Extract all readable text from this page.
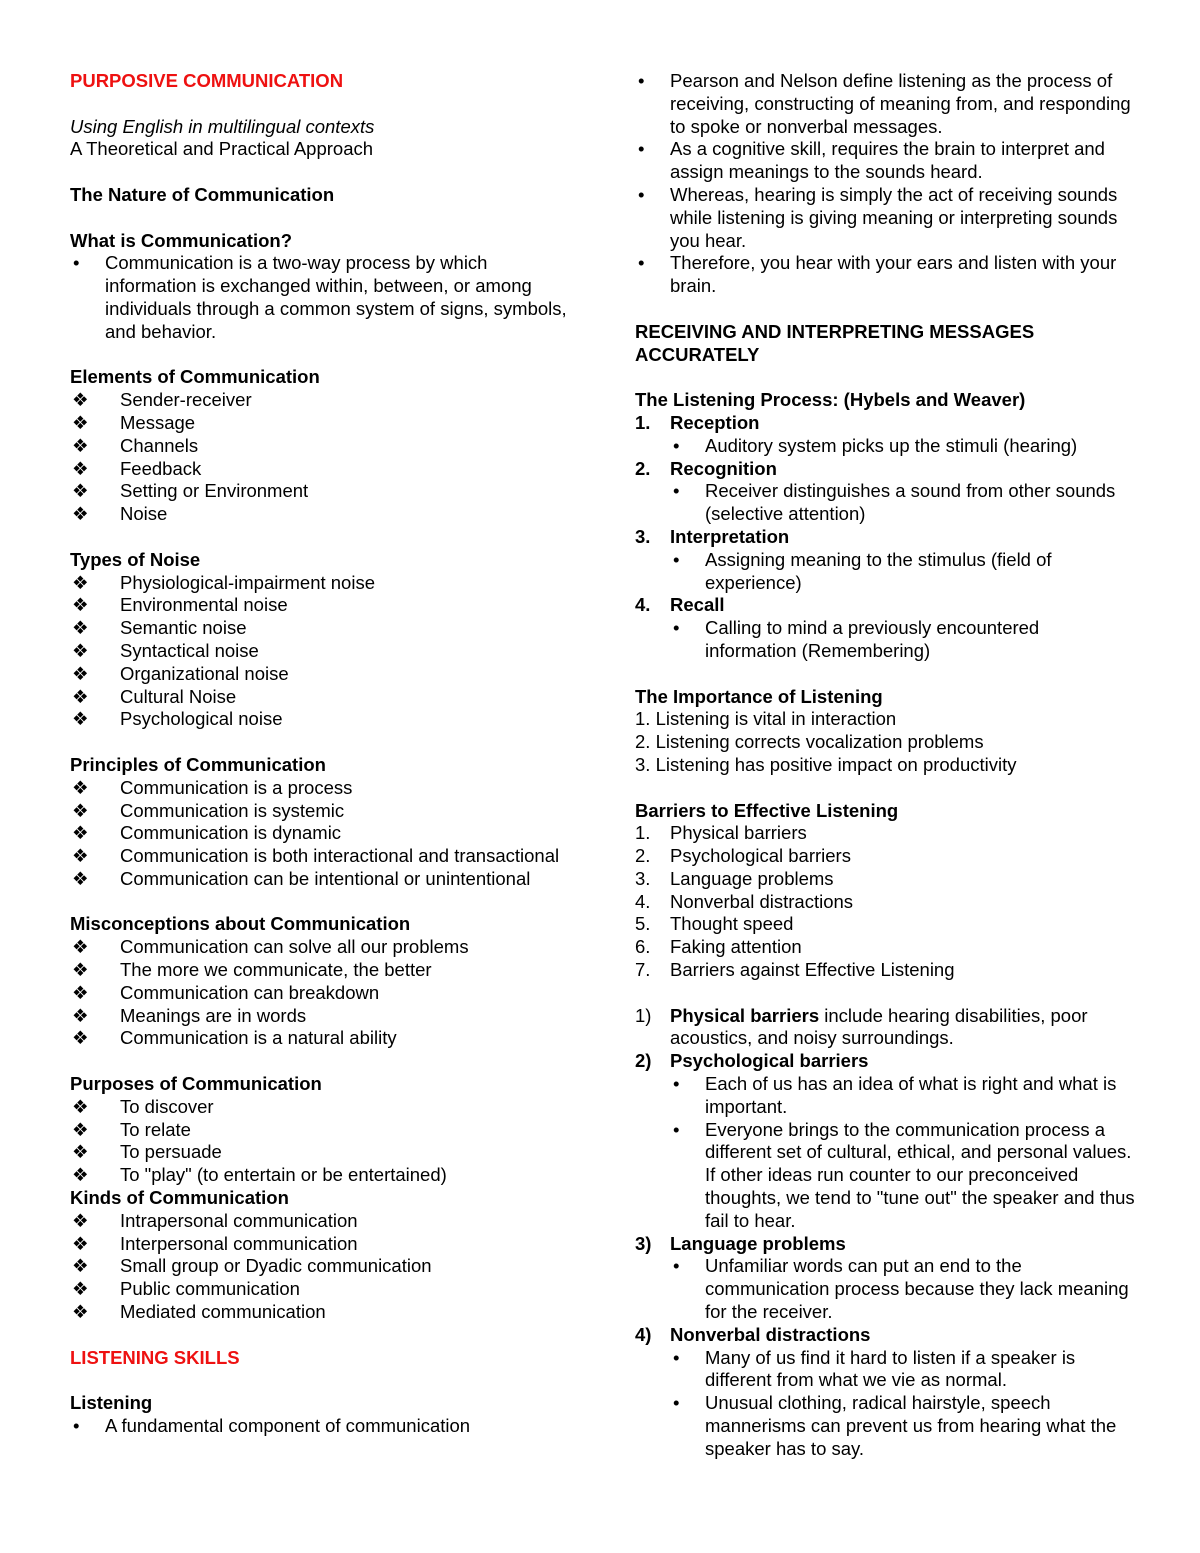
PURPOSIVE COMMUNICATION
Using English in multilingual contexts
A Theoretical and Practical Approach
The Nature of Communication
What is Communication?
•	Communication is a two-way process by which information is exchanged within, between, or among individuals through a common system of signs, symbols, and behavior.
Elements of Communication
❖	Sender-receiver
❖	Message
❖	Channels
❖	Feedback
❖	Setting or Environment
❖	Noise
Types of Noise
❖	Physiological-impairment noise
❖	Environmental noise
❖	Semantic noise
❖	Syntactical noise
❖	Organizational noise
❖	Cultural Noise
❖	Psychological noise
Principles of Communication
❖	Communication is a process
❖	Communication is systemic
❖	Communication is dynamic
❖	Communication is both interactional and transactional
❖	Communication can be intentional or unintentional
Misconceptions about Communication
❖	Communication can solve all our problems
❖	The more we communicate, the better
❖	Communication can breakdown
❖	Meanings are in words
❖	Communication is a natural ability
Purposes of Communication
❖	To discover
❖	To relate
❖	To persuade
❖	To "play" (to entertain or be entertained)
Kinds of Communication
❖	Intrapersonal communication
❖	Interpersonal communication
❖	Small group or Dyadic communication
❖	Public communication
❖	Mediated communication
LISTENING SKILLS
Listening
•	A fundamental component of communication
•	Pearson and Nelson define listening as the process of receiving, constructing of meaning from, and responding to spoke or nonverbal messages.
•	As a cognitive skill, requires the brain to interpret and assign meanings to the sounds heard.
•	Whereas, hearing is simply the act of receiving sounds while listening is giving meaning or interpreting sounds you hear.
•	Therefore, you hear with your ears and listen with your brain.
RECEIVING AND INTERPRETING MESSAGES ACCURATELY
The Listening Process: (Hybels and Weaver)
1.	Reception
•	Auditory system picks up the stimuli (hearing)
2.	Recognition
•	Receiver distinguishes a sound from other sounds (selective attention)
3.	Interpretation
•	Assigning meaning to the stimulus (field of experience)
4.	Recall
•	Calling to mind a previously encountered information (Remembering)
The Importance of Listening
1. Listening is vital in interaction
2. Listening corrects vocalization problems
3. Listening has positive impact on productivity
Barriers to Effective Listening
1.	Physical barriers
2.	Psychological barriers
3.	Language problems
4.	Nonverbal distractions
5.	Thought speed
6.	Faking attention
7.	Barriers against Effective Listening
1)	Physical barriers include hearing disabilities, poor acoustics, and noisy surroundings.
2)	Psychological barriers
•	Each of us has an idea of what is right and what is important.
•	Everyone brings to the communication process a different set of cultural, ethical, and personal values. If other ideas run counter to our preconceived thoughts, we tend to "tune out" the speaker and thus fail to hear.
3)	Language problems
•	Unfamiliar words can put an end to the communication process because they lack meaning for the receiver.
4)	Nonverbal distractions
•	Many of us find it hard to listen if a speaker is different from what we vie as normal.
•	Unusual clothing, radical hairstyle, speech mannerisms can prevent us from hearing what the speaker has to say.
